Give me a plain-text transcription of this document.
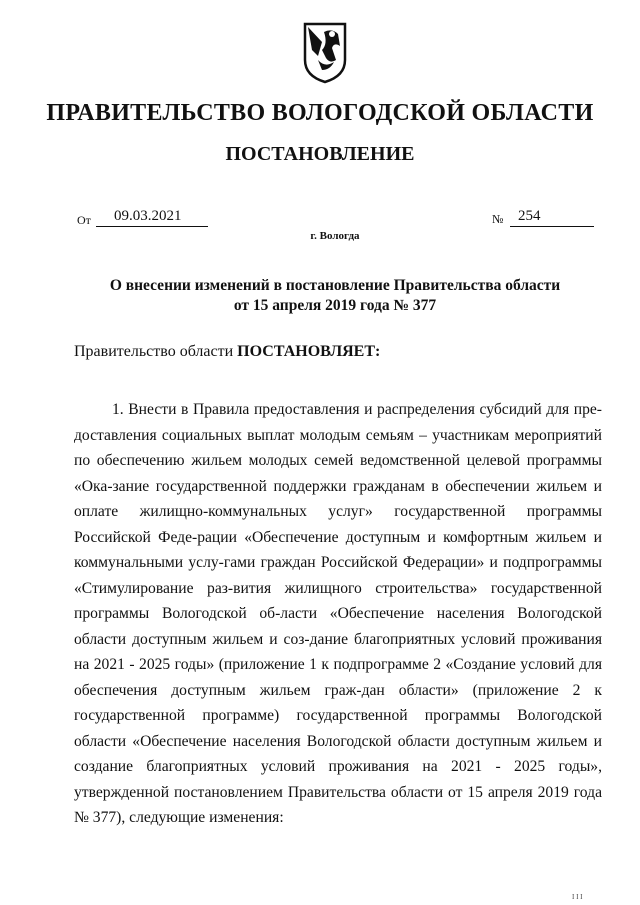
ПРАВИТЕЛЬСТВО ВОЛОГОДСКОЙ ОБЛАСТИ
ПОСТАНОВЛЕНИЕ
От	09.03.2021	№ 254
г. Вологда
О внесении изменений в постановление Правительства области
от 15 апреля 2019 года № 377
Правительство области ПОСТАНОВЛЯЕТ:
1. Внести в Правила предоставления и распределения субсидий для пре-доставления социальных выплат молодым семьям – участникам мероприятий по обеспечению жильем молодых семей ведомственной целевой программы «Ока-зание государственной поддержки гражданам в обеспечении жильем и оплате жилищно-коммунальных услуг» государственной программы Российской Феде-рации «Обеспечение доступным и комфортным жильем и коммунальными услу-гами граждан Российской Федерации» и подпрограммы «Стимулирование раз-вития жилищного строительства» государственной программы Вологодской об-ласти «Обеспечение населения Вологодской области доступным жильем и соз-дание благоприятных условий проживания на 2021 - 2025 годы» (приложение 1 к подпрограмме 2 «Создание условий для обеспечения доступным жильем граж-дан области» (приложение 2 к государственной программе) государственной программы Вологодской области «Обеспечение населения Вологодской области доступным жильем и создание благоприятных условий проживания на 2021 - 2025 годы», утвержденной постановлением Правительства области от 15 апреля 2019 года № 377), следующие изменения:
I I I
